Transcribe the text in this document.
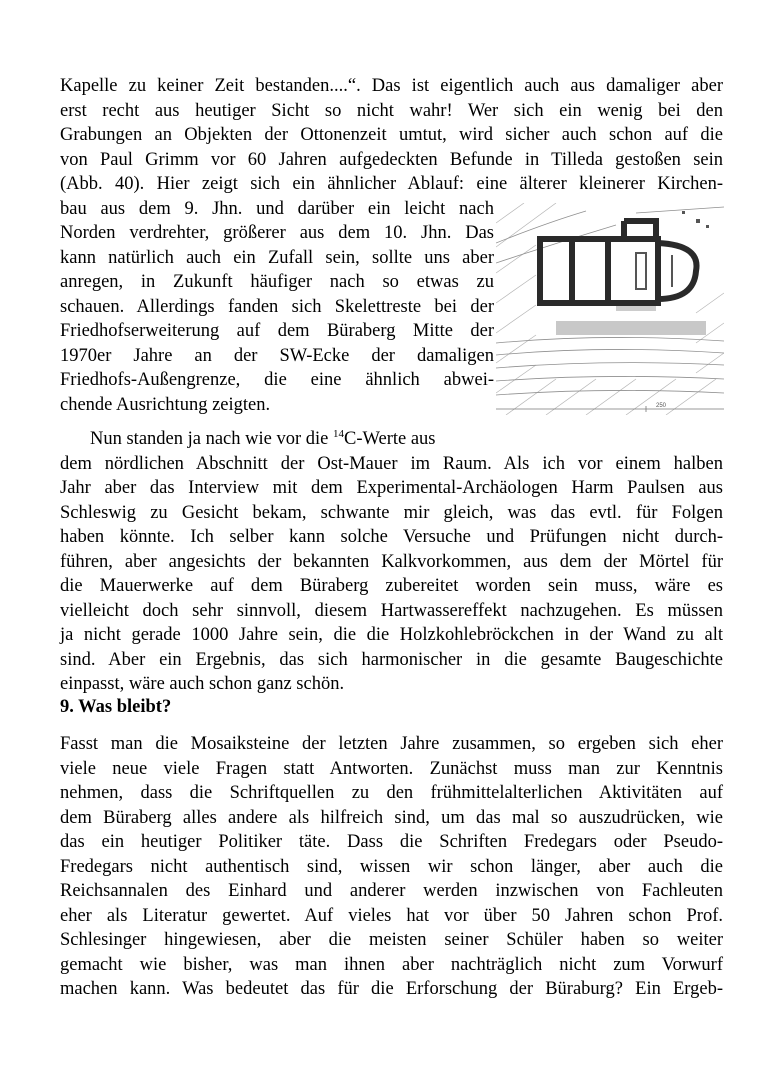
Kapelle zu keiner Zeit bestanden....“. Das ist eigentlich auch aus damaliger aber
erst recht aus heutiger Sicht so nicht wahr! Wer sich ein wenig bei den
Grabungen an Objekten der Ottonenzeit umtut, wird sicher auch schon auf die
von Paul Grimm vor 60 Jahren aufgedeckten Befunde in Tilleda gestoßen sein
(Abb. 40). Hier zeigt sich ein ähnlicher Ablauf: eine älterer kleinerer Kirchen-
bau aus dem 9. Jhn. und darüber ein leicht nach
Norden verdrehter, größerer aus dem 10. Jhn. Das
kann natürlich auch ein Zufall sein, sollte uns aber
anregen, in Zukunft häufiger nach so etwas zu
schauen. Allerdings fanden sich Skelettreste bei der
Friedhofserweiterung auf dem Büraberg Mitte der
1970er Jahre an der SW-Ecke der damaligen
Friedhofs-Außengrenze, die eine ähnlich abwei-
chende Ausrichtung zeigten.	250
Nun standen ja nach wie vor die $^{14}$C-Werte aus
dem nördlichen Abschnitt der Ost-Mauer im Raum. Als ich vor einem halben
Jahr aber das Interview mit dem Experimental-Archäologen Harm Paulsen aus
Schleswig zu Gesicht bekam, schwante mir gleich, was das evtl. für Folgen
haben könnte. Ich selber kann solche Versuche und Prüfungen nicht durch-
führen, aber angesichts der bekannten Kalkvorkommen, aus dem der Mörtel für
die Mauerwerke auf dem Büraberg zubereitet worden sein muss, wäre es
vielleicht doch sehr sinnvoll, diesem Hartwassereffekt nachzugehen. Es müssen
ja nicht gerade 1000 Jahre sein, die die Holzkohlebröckchen in der Wand zu alt
9. Was bleibt?
Fasst man die Mosaiksteine der letzten Jahre zusammen, so ergeben sich eher
viele neue viele Fragen statt Antworten. Zunächst muss man zur Kenntnis
nehmen, dass die Schriftquellen zu den frühmittelalterlichen Aktivitäten auf
dem Büraberg alles andere als hilfreich sind, um das mal so auszudrücken, wie
das ein heutiger Politiker täte. Dass die Schriften Fredegars oder Pseudo-
Fredegars nicht authentisch sind, wissen wir schon länger, aber auch die
Reichsannalen des Einhard und anderer werden inzwischen von Fachleuten
eher als Literatur gewertet. Auf vieles hat vor über 50 Jahren schon Prof.
Schlesinger hingewiesen, aber die meisten seiner Schüler haben so weiter
gemacht wie bisher, was man ihnen aber nachträglich nicht zum Vorwurf
machen kann. Was bedeutet das für die Erforschung der Büraburg? Ein Ergeb-
sind. Aber ein Ergebnis, das sich harmonischer in die gesamte Baugeschichte
einpasst, wäre auch schon ganz schön.
